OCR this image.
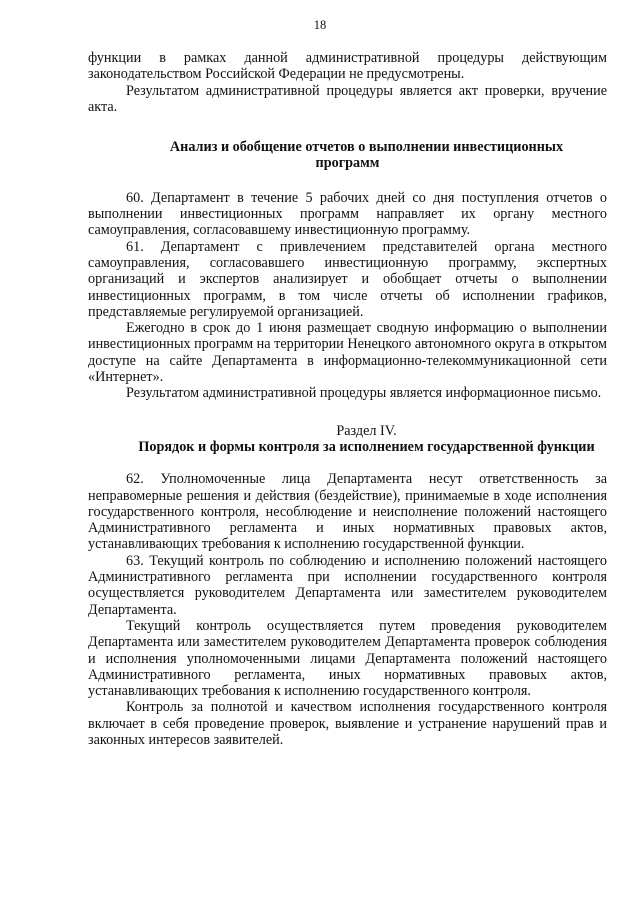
18

функции в рамках данной административной процедуры действующим законодательством Российской Федерации не предусмотрены.

Результатом административной процедуры является акт проверки, вручение акта.

Анализ и обобщение отчетов о выполнении инвестиционных программ

60. Департамент в течение 5 рабочих дней со дня поступления отчетов о выполнении инвестиционных программ направляет их органу местного самоуправления, согласовавшему инвестиционную программу.

61. Департамент с привлечением представителей органа местного самоуправления, согласовавшего инвестиционную программу, экспертных организаций и экспертов анализирует и обобщает отчеты о выполнении инвестиционных программ, в том числе отчеты об исполнении графиков, представляемые регулируемой организацией.

Ежегодно в срок до 1 июня размещает сводную информацию о выполнении инвестиционных программ на территории Ненецкого автономного округа в открытом доступе на сайте Департамента в информационно-телекоммуникационной сети «Интернет».

Результатом административной процедуры является информационное письмо.

Раздел IV.

Порядок и формы контроля за исполнением государственной функции

62. Уполномоченные лица Департамента несут ответственность за неправомерные решения и действия (бездействие), принимаемые в ходе исполнения государственного контроля, несоблюдение и неисполнение положений настоящего Административного регламента и иных нормативных правовых актов, устанавливающих требования к исполнению государственной функции.

63. Текущий контроль по соблюдению и исполнению положений настоящего Административного регламента при исполнении государственного контроля осуществляется руководителем Департамента или заместителем руководителем Департамента.

Текущий контроль осуществляется путем проведения руководителем Департамента или заместителем руководителем Департамента проверок соблюдения и исполнения уполномоченными лицами Департамента положений настоящего Административного регламента, иных нормативных правовых актов, устанавливающих требования к исполнению государственного контроля.

Контроль за полнотой и качеством исполнения государственного контроля включает в себя проведение проверок, выявление и устранение нарушений прав и законных интересов заявителей.
